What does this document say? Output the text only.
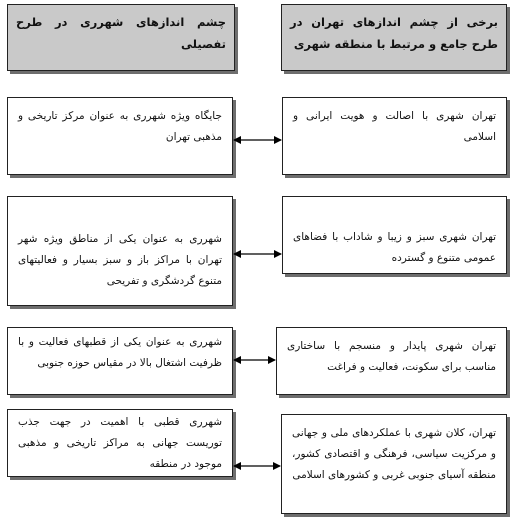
برخی از چشم اندازهای تهران در طرح جامع و مرتبط با منطقه شهری
چشم اندازهای شهرری در طرح تفصیلی
تهران شهری با اصالت و هویت ایرانی و اسلامی
جایگاه ویژه شهرری به عنوان مرکز تاریخی و مذهبی تهران
تهران شهری سبز و زیبا و شاداب با فضاهای عمومی متنوع و گسترده
شهرری به عنوان یکی از مناطق ویژه شهر تهران با مراکز باز و سبز بسیار و فعالیتهای متنوع گردشگری و تفریحی
تهران شهری پایدار و منسجم با ساختاری مناسب برای سکونت، فعالیت و فراغت
شهرری به عنوان یکی از قطبهای فعالیت و با ظرفیت اشتغال بالا در مقیاس حوزه جنوبی
تهران، کلان شهری با عملکردهای ملی و جهانی و مرکزیت سیاسی، فرهنگی و اقتصادی کشور، منطقه آسیای جنوبی غربی و کشورهای اسلامی
شهرری قطبی با اهمیت در جهت جذب توریست جهانی به مراکز تاریخی و مذهبی موجود در منطقه
